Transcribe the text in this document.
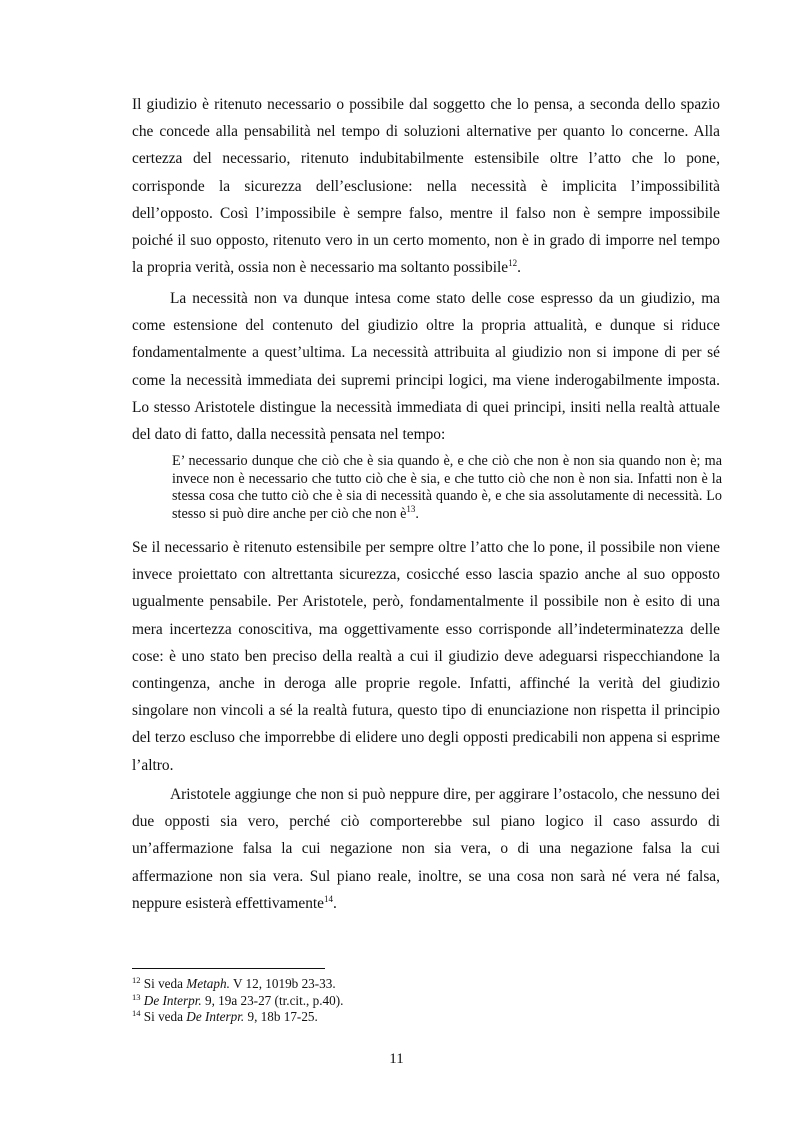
Il giudizio è ritenuto necessario o possibile dal soggetto che lo pensa, a seconda dello spazio che concede alla pensabilità nel tempo di soluzioni alternative per quanto lo concerne. Alla certezza del necessario, ritenuto indubitabilmente estensibile oltre l’atto che lo pone, corrisponde la sicurezza dell’esclusione: nella necessità è implicita l’impossibilità dell’opposto. Così l’impossibile è sempre falso, mentre il falso non è sempre impossibile poiché il suo opposto, ritenuto vero in un certo momento, non è in grado di imporre nel tempo la propria verità, ossia non è necessario ma soltanto possibile$^{12}$.

La necessità non va dunque intesa come stato delle cose espresso da un giudizio, ma come estensione del contenuto del giudizio oltre la propria attualità, e dunque si riduce fondamentalmente a quest’ultima. La necessità attribuita al giudizio non si impone di per sé come la necessità immediata dei supremi principi logici, ma viene inderogabilmente imposta. Lo stesso Aristotele distingue la necessità immediata di quei principi, insiti nella realtà attuale del dato di fatto, dalla necessità pensata nel tempo:

E’ necessario dunque che ciò che è sia quando è, e che ciò che non è non sia quando non è; ma invece non è necessario che tutto ciò che è sia, e che tutto ciò che non è non sia. Infatti non è la stessa cosa che tutto ciò che è sia di necessità quando è, e che sia assolutamente di necessità. Lo stesso si può dire anche per ciò che non $è^{13}$.

Se il necessario è ritenuto estensibile per sempre oltre l’atto che lo pone, il possibile non viene invece proiettato con altrettanta sicurezza, cosicché esso lascia spazio anche al suo opposto ugualmente pensabile. Per Aristotele, però, fondamentalmente il possibile non è esito di una mera incertezza conoscitiva, ma oggettivamente esso corrisponde all’indeterminatezza delle cose: è uno stato ben preciso della realtà a cui il giudizio deve adeguarsi rispecchiandone la contingenza, anche in deroga alle proprie regole. Infatti, affinché la verità del giudizio singolare non vincoli a sé la realtà futura, questo tipo di enunciazione non rispetta il principio del terzo escluso che imporrebbe di elidere uno degli opposti predicabili non appena si esprime l’altro.

Aristotele aggiunge che non si può neppure dire, per aggirare l’ostacolo, che nessuno dei due opposti sia vero, perché ciò comporterebbe sul piano logico il caso assurdo di un’affermazione falsa la cui negazione non sia vera, o di una negazione falsa la cui affermazione non sia vera. Sul piano reale, inoltre, se una cosa non sarà né vera né falsa, neppure esisterà effettivamente$^{14}$.

$^{12}$ Si veda Metaph. V 12, 1019b 23-33.

$^{13}$ De Interpr. 9, 19a 23-27 (tr.cit., p.40).

$^{14}$ Si veda De Interpr. 9, 18b 17-25.

11
